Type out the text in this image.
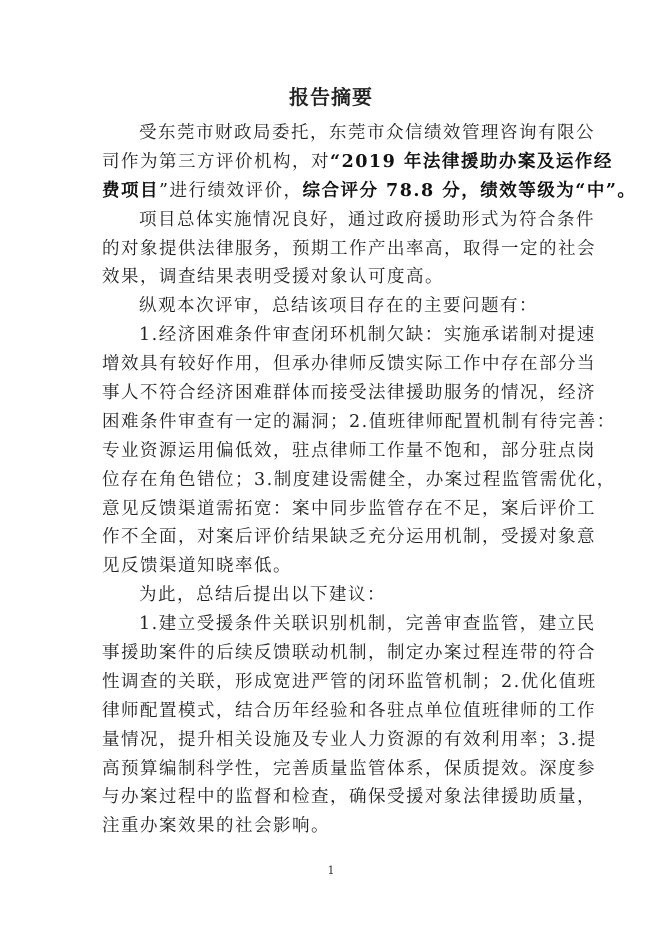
报告摘要
受东莞市财政局委托，东莞市众信绩效管理咨询有限公
司作为第三方评价机构，对“2019 年法律援助办案及运作经
费项目”进行绩效评价，综合评分 78.8 分，绩效等级为“中”。
项目总体实施情况良好，通过政府援助形式为符合条件
的对象提供法律服务，预期工作产出率高，取得一定的社会
效果，调查结果表明受援对象认可度高。
纵观本次评审，总结该项目存在的主要问题有：
1.经济困难条件审查闭环机制欠缺：实施承诺制对提速
增效具有较好作用，但承办律师反馈实际工作中存在部分当
事人不符合经济困难群体而接受法律援助服务的情况，经济
困难条件审查有一定的漏洞；2.值班律师配置机制有待完善：
专业资源运用偏低效，驻点律师工作量不饱和，部分驻点岗
位存在角色错位；3.制度建设需健全，办案过程监管需优化，
意见反馈渠道需拓宽：案中同步监管存在不足，案后评价工
作不全面，对案后评价结果缺乏充分运用机制，受援对象意
见反馈渠道知晓率低。
为此，总结后提出以下建议：
1.建立受援条件关联识别机制，完善审查监管，建立民
事援助案件的后续反馈联动机制，制定办案过程连带的符合
性调查的关联，形成宽进严管的闭环监管机制；2.优化值班
律师配置模式，结合历年经验和各驻点单位值班律师的工作
量情况，提升相关设施及专业人力资源的有效利用率；3.提
高预算编制科学性，完善质量监管体系，保质提效。深度参
与办案过程中的监督和检查，确保受援对象法律援助质量，
注重办案效果的社会影响。
1
